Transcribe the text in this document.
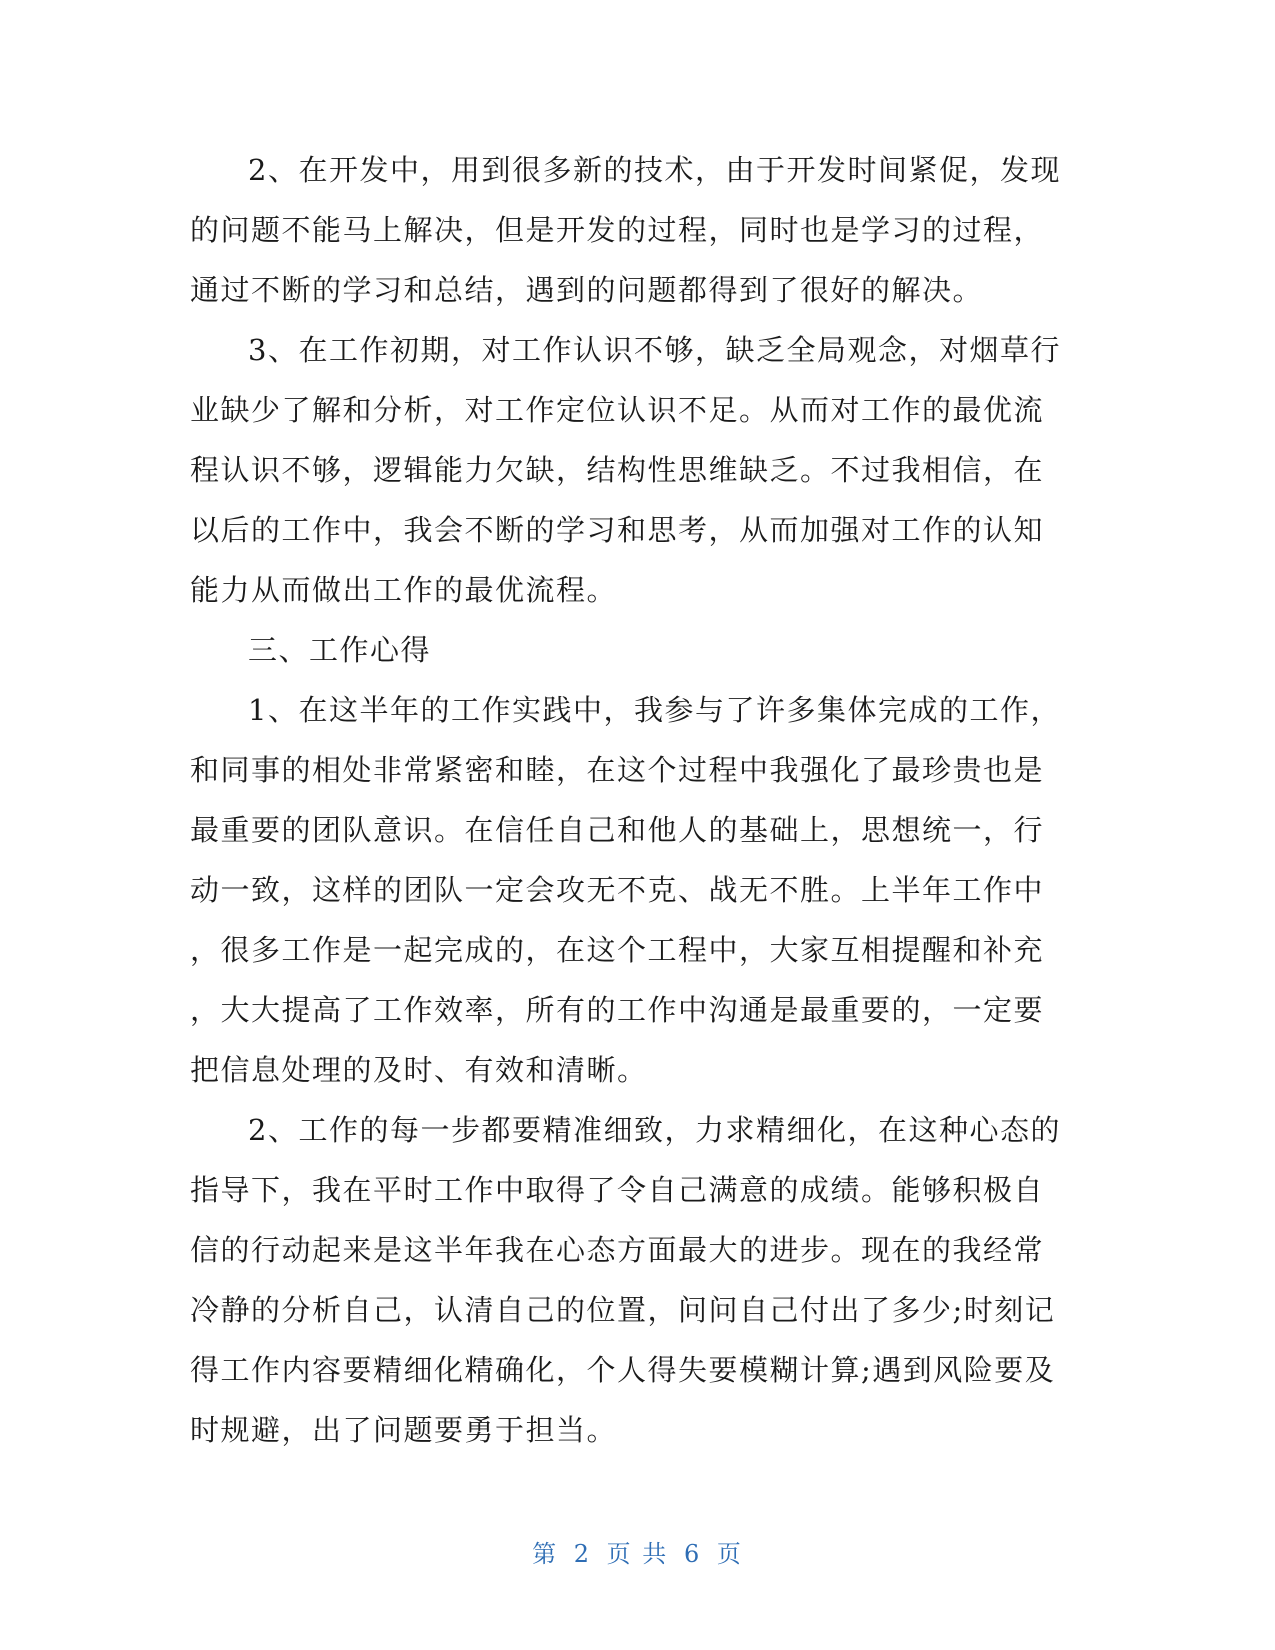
2、在开发中，用到很多新的技术，由于开发时间紧促，发现
的问题不能马上解决，但是开发的过程，同时也是学习的过程，
通过不断的学习和总结，遇到的问题都得到了很好的解决。
3、在工作初期，对工作认识不够，缺乏全局观念，对烟草行
业缺少了解和分析，对工作定位认识不足。从而对工作的最优流
程认识不够，逻辑能力欠缺，结构性思维缺乏。不过我相信，在
以后的工作中，我会不断的学习和思考，从而加强对工作的认知
能力从而做出工作的最优流程。
三、工作心得
1、在这半年的工作实践中，我参与了许多集体完成的工作，
和同事的相处非常紧密和睦，在这个过程中我强化了最珍贵也是
最重要的团队意识。在信任自己和他人的基础上，思想统一，行
动一致，这样的团队一定会攻无不克、战无不胜。上半年工作中
，很多工作是一起完成的，在这个工程中，大家互相提醒和补充
，大大提高了工作效率，所有的工作中沟通是最重要的，一定要
把信息处理的及时、有效和清晰。
2、工作的每一步都要精准细致，力求精细化，在这种心态的
指导下，我在平时工作中取得了令自己满意的成绩。能够积极自
信的行动起来是这半年我在心态方面最大的进步。现在的我经常
冷静的分析自己，认清自己的位置，问问自己付出了多少;时刻记
得工作内容要精细化精确化，个人得失要模糊计算;遇到风险要及
时规避，出了问题要勇于担当。
第 2 页 共 6 页
